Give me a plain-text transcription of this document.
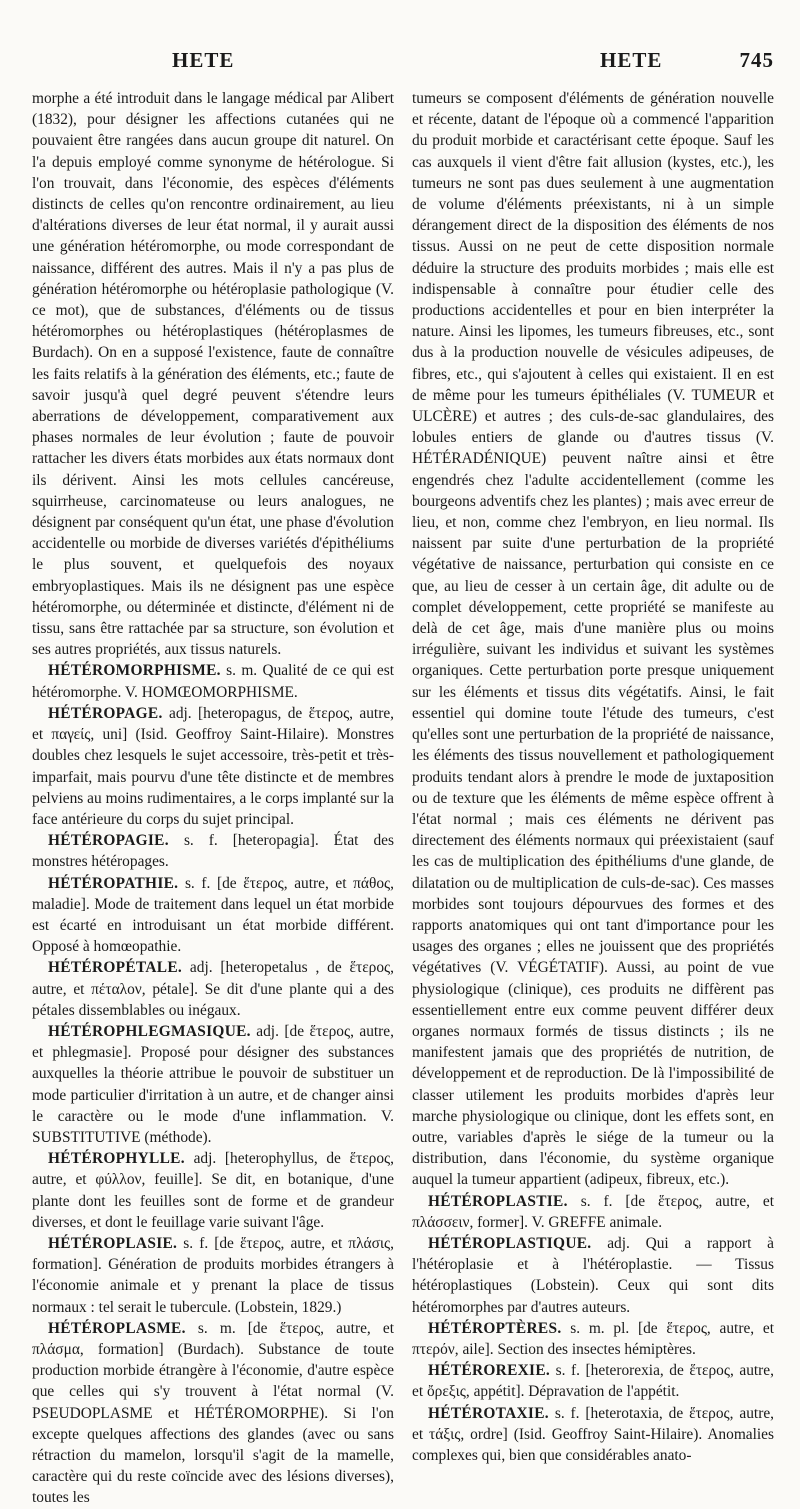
HETE	HETE	745

morphe a été introduit dans le langage médical par Alibert (1832), pour désigner les affections cutanées qui ne pouvaient être rangées dans aucun groupe dit naturel. On l'a depuis employé comme synonyme de hétérologue. Si l'on trouvait, dans l'économie, des espèces d'éléments distincts de celles qu'on rencontre ordinairement, au lieu d'altérations diverses de leur état normal, il y aurait aussi une génération hétéromorphe, ou mode correspondant de naissance, différent des autres. Mais il n'y a pas plus de génération hétéromorphe ou hétéroplasie pathologique (V. ce mot), que de substances, d'éléments ou de tissus hétéromorphes ou hétéroplastiques (hétéroplasmes de Burdach). On en a supposé l'existence, faute de connaître les faits relatifs à la génération des éléments, etc.; faute de savoir jusqu'à quel degré peuvent s'étendre leurs aberrations de développement, comparativement aux phases normales de leur évolution ; faute de pouvoir rattacher les divers états morbides aux états normaux dont ils dérivent. Ainsi les mots cellules cancéreuse, squirrheuse, carcinomateuse ou leurs analogues, ne désignent par conséquent qu'un état, une phase d'évolution accidentelle ou morbide de diverses variétés d'épithéliums le plus souvent, et quelquefois des noyaux embryoplastiques. Mais ils ne désignent pas une espèce hétéromorphe, ou déterminée et distincte, d'élément ni de tissu, sans être rattachée par sa structure, son évolution et ses autres propriétés, aux tissus naturels.

HÉTÉROMORPHISME. s. m. Qualité de ce qui est hétéromorphe. V. HOMŒOMORPHISME.

HÉTÉROPAGE. adj. [heteropagus, de ἕτερος, autre, et παγείς, uni] (Isid. Geoffroy Saint-Hilaire). Monstres doubles chez lesquels le sujet accessoire, très-petit et très-imparfait, mais pourvu d'une tête distincte et de membres pelviens au moins rudimentaires, a le corps implanté sur la face antérieure du corps du sujet principal.

HÉTÉROPAGIE. s. f. [heteropagia]. État des monstres hétéropages.

HÉTÉROPATHIE. s. f. [de ἕτερος, autre, et πάθος, maladie]. Mode de traitement dans lequel un état morbide est écarté en introduisant un état morbide différent. Opposé à homœopathie.

HÉTÉROPÉTALE. adj. [heteropetalus , de ἕτερος, autre, et πέταλον, pétale]. Se dit d'une plante qui a des pétales dissemblables ou inégaux.

HÉTÉROPHLEGMASIQUE. adj. [de ἕτερος, autre, et phlegmasie]. Proposé pour désigner des substances auxquelles la théorie attribue le pouvoir de substituer un mode particulier d'irritation à un autre, et de changer ainsi le caractère ou le mode d'une inflammation. V. SUBSTITUTIVE (méthode).

HÉTÉROPHYLLE. adj. [heterophyllus, de ἕτερος, autre, et φύλλον, feuille]. Se dit, en botanique, d'une plante dont les feuilles sont de forme et de grandeur diverses, et dont le feuillage varie suivant l'âge.

HÉTÉROPLASIE. s. f. [de ἕτερος, autre, et πλάσις, formation]. Génération de produits morbides étrangers à l'économie animale et y prenant la place de tissus normaux : tel serait le tubercule. (Lobstein, 1829.)

HÉTÉROPLASME. s. m. [de ἕτερος, autre, et πλάσμα, formation] (Burdach). Substance de toute production morbide étrangère à l'économie, d'autre espèce que celles qui s'y trouvent à l'état normal (V. PSEUDOPLASME et HÉTÉROMORPHE). Si l'on excepte quelques affections des glandes (avec ou sans rétraction du mamelon, lorsqu'il s'agit de la mamelle, caractère qui du reste coïncide avec des lésions diverses), toutes les

tumeurs se composent d'éléments de génération nouvelle et récente, datant de l'époque où a commencé l'apparition du produit morbide et caractérisant cette époque. Sauf les cas auxquels il vient d'être fait allusion (kystes, etc.), les tumeurs ne sont pas dues seulement à une augmentation de volume d'éléments préexistants, ni à un simple dérangement direct de la disposition des éléments de nos tissus. Aussi on ne peut de cette disposition normale déduire la structure des produits morbides ; mais elle est indispensable à connaître pour étudier celle des productions accidentelles et pour en bien interpréter la nature. Ainsi les lipomes, les tumeurs fibreuses, etc., sont dus à la production nouvelle de vésicules adipeuses, de fibres, etc., qui s'ajoutent à celles qui existaient. Il en est de même pour les tumeurs épithéliales (V. TUMEUR et ULCÈRE) et autres ; des culs-de-sac glandulaires, des lobules entiers de glande ou d'autres tissus (V. HÉTÉRADÉNIQUE) peuvent naître ainsi et être engendrés chez l'adulte accidentellement (comme les bourgeons adventifs chez les plantes) ; mais avec erreur de lieu, et non, comme chez l'embryon, en lieu normal. Ils naissent par suite d'une perturbation de la propriété végétative de naissance, perturbation qui consiste en ce que, au lieu de cesser à un certain âge, dit adulte ou de complet développement, cette propriété se manifeste au delà de cet âge, mais d'une manière plus ou moins irrégulière, suivant les individus et suivant les systèmes organiques. Cette perturbation porte presque uniquement sur les éléments et tissus dits végétatifs. Ainsi, le fait essentiel qui domine toute l'étude des tumeurs, c'est qu'elles sont une perturbation de la propriété de naissance, les éléments des tissus nouvellement et pathologiquement produits tendant alors à prendre le mode de juxtaposition ou de texture que les éléments de même espèce offrent à l'état normal ; mais ces éléments ne dérivent pas directement des éléments normaux qui préexistaient (sauf les cas de multiplication des épithéliums d'une glande, de dilatation ou de multiplication de culs-de-sac). Ces masses morbides sont toujours dépourvues des formes et des rapports anatomiques qui ont tant d'importance pour les usages des organes ; elles ne jouissent que des propriétés végétatives (V. VÉGÉTATIF). Aussi, au point de vue physiologique (clinique), ces produits ne diffèrent pas essentiellement entre eux comme peuvent différer deux organes normaux formés de tissus distincts ; ils ne manifestent jamais que des propriétés de nutrition, de développement et de reproduction. De là l'impossibilité de classer utilement les produits morbides d'après leur marche physiologique ou clinique, dont les effets sont, en outre, variables d'après le siége de la tumeur ou la distribution, dans l'économie, du système organique auquel la tumeur appartient (adipeux, fibreux, etc.).

HÉTÉROPLASTIE. s. f. [de ἕτερος, autre, et πλάσσειν, former]. V. GREFFE animale.

HÉTÉROPLASTIQUE. adj. Qui a rapport à l'hétéroplasie et à l'hétéroplastie. — Tissus hétéroplastiques (Lobstein). Ceux qui sont dits hétéromorphes par d'autres auteurs.

HÉTÉROPTÈRES. s. m. pl. [de ἕτερος, autre, et πτερόν, aile]. Section des insectes hémiptères.

HÉTÉROREXIE. s. f. [heterorexia, de ἕτερος, autre, et ὄρεξις, appétit]. Dépravation de l'appétit.

HÉTÉROTAXIE. s. f. [heterotaxia, de ἕτερος, autre, et τάξις, ordre] (Isid. Geoffroy Saint-Hilaire). Anomalies complexes qui, bien que considérables anato-
